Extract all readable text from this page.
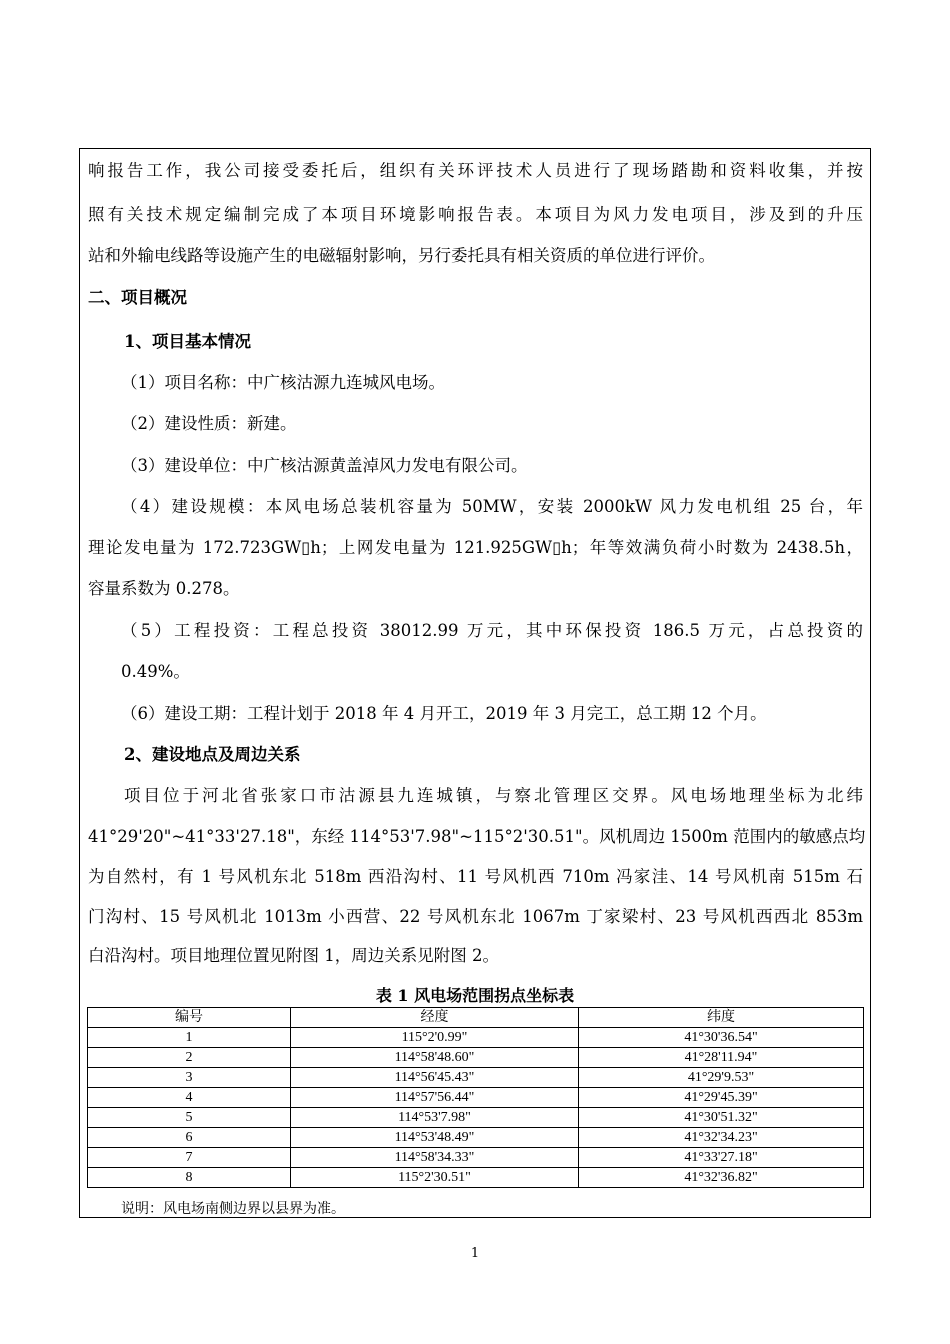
响报告工作，我公司接受委托后，组织有关环评技术人员进行了现场踏勘和资料收集，并按
照有关技术规定编制完成了本项目环境影响报告表。本项目为风力发电项目，涉及到的升压
站和外输电线路等设施产生的电磁辐射影响，另行委托具有相关资质的单位进行评价。
二、项目概况
1、项目基本情况
（1）项目名称：中广核沽源九连城风电场。
（2）建设性质：新建。
（3）建设单位：中广核沽源黄盖淖风力发电有限公司。
（4）建设规模：本风电场总装机容量为 50MW，安装 2000kW 风力发电机组 25 台，年
理论发电量为 172.723GW▯h；上网发电量为 121.925GW▯h；年等效满负荷小时数为 2438.5h，
容量系数为 0.278。
（5）工程投资：工程总投资 38012.99 万元，其中环保投资 186.5 万元，占总投资的
0.49%。
（6）建设工期：工程计划于 2018 年 4 月开工，2019 年 3 月完工，总工期 12 个月。
2、建设地点及周边关系
项目位于河北省张家口市沽源县九连城镇，与察北管理区交界。风电场地理坐标为北纬
41°29'20"~41°33'27.18"，东经 114°53'7.98"~115°2'30.51"。风机周边 1500m 范围内的敏感点均
为自然村，有 1 号风机东北 518m 西沿沟村、11 号风机西 710m 冯家洼、14 号风机南 515m 石
门沟村、15 号风机北 1013m 小西营、22 号风机东北 1067m 丁家梁村、23 号风机西西北 853m
白沿沟村。项目地理位置见附图 1，周边关系见附图 2。
表 1 风电场范围拐点坐标表
编号	经度	纬度
1	115°2'0.99"	41°30'36.54"
2	114°58'48.60"	41°28'11.94"
3	114°56'45.43"	41°29'9.53"
4	114°57'56.44"	41°29'45.39"
5	114°53'7.98"	41°30'51.32"
6	114°53'48.49"	41°32'34.23"
7	114°58'34.33"	41°33'27.18"
8	115°2'30.51"	41°32'36.82"
说明：风电场南侧边界以县界为准。
1
